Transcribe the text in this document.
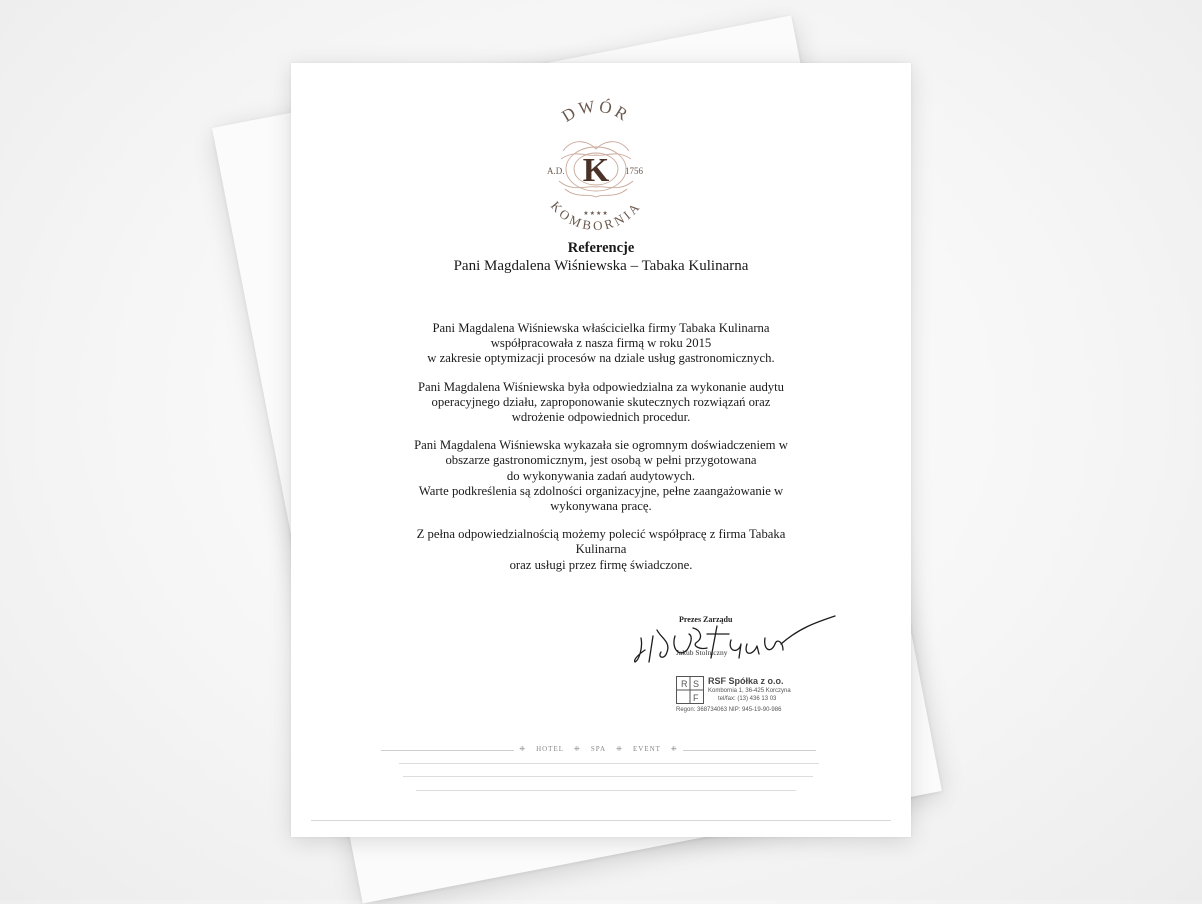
DWÓR
K
A.D.	1756
★★★★
KOMBORNIA
Referencje
Pani Magdalena Wiśniewska – Tabaka Kulinarna

Pani Magdalena Wiśniewska właścicielka firmy Tabaka Kulinarna
współpracowała z nasza firmą w roku 2015
w zakresie optymizacji procesów na dziale usług gastronomicznych.

Pani Magdalena Wiśniewska była odpowiedzialna za wykonanie audytu
operacyjnego działu, zaproponowanie skutecznych rozwiązań oraz
wdrożenie odpowiednich procedur.

Pani Magdalena Wiśniewska wykazała sie ogromnym doświadczeniem w
obszarze gastronomicznym, jest osobą w pełni przygotowana
do wykonywania zadań audytowych.
Warte podkreślenia są zdolności organizacyjne, pełne zaangażowanie w
wykonywana pracę.

Z pełna odpowiedzialnością możemy polecić współpracę z firma Tabaka
Kulinarna
oraz usługi przez firmę świadczone.

Prezes Zarządu
Jakub Stolniczny
R S
F
RSF Spółka z o.o.
Kombornia 1, 36-425 Korczyna
tel/fax: (13) 436 13 03
Regon: 368734063 NIP: 945-19-90-986
⁜ HOTEL ⁜ SPA ⁜ EVENT ⁜
